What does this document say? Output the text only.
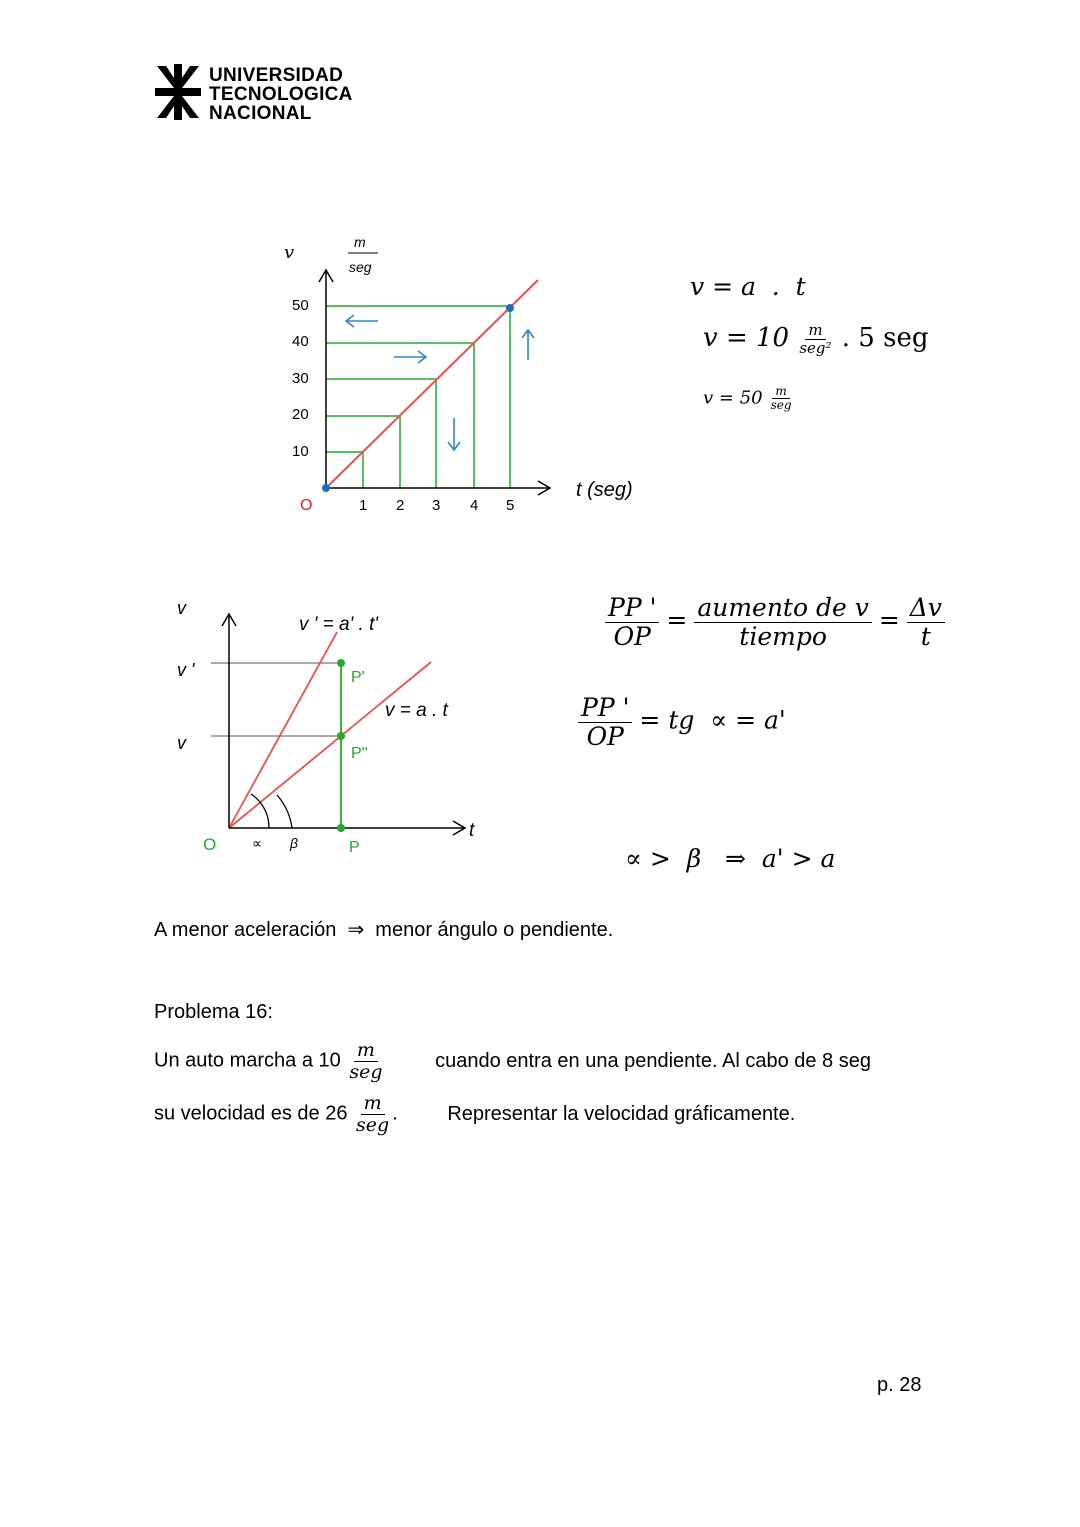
UNIVERSIDAD
TECNOLOGICA
NACIONAL
v	m
seg
50
40
30
20
10
O	1 2 3 4 5
t (seg)
v = a  .  t
$v = 10 \frac{m}{\text{seg²}}$ . 5 seg
$v = 50 \frac{m}{\text{seg}}$
v
v '
v
v ' = a' . t'
v = a . t
P'
P''
P
O	∝ β
t
$\frac{PP '}{OP} = \frac{\text{aumento de v}}{\text{tiempo}} = \frac{\Delta v}{t}$
$\frac{PP '}{OP}$ = tg  ∝ = a'
∝ >  β   ⇒  a' > a
A menor aceleración  ⇒  menor ángulo o pendiente.
Problema 16:
Un auto marcha a $10 \frac{m}{\text{seg}}$ cuando entra en una pendiente. Al cabo de 8 seg
su velocidad es de $26 \frac{m}{\text{seg}}$ . Representar la velocidad gráficamente.
p. 28
